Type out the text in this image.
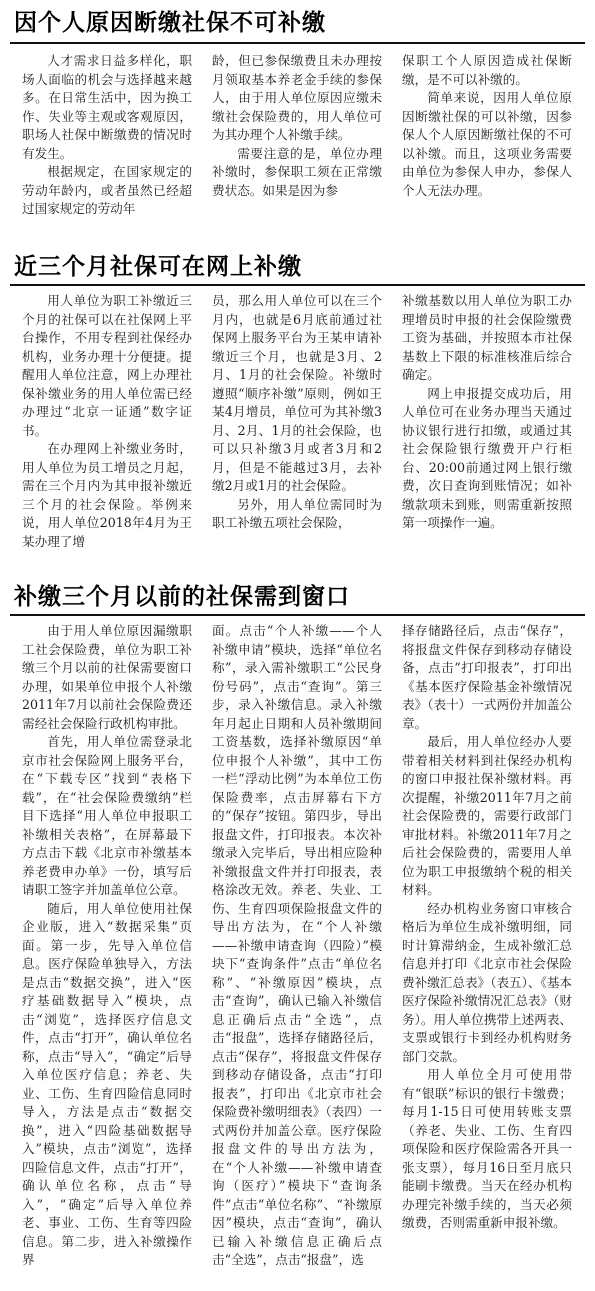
因个人原因断缴社保不可补缴

人才需求日益多样化，职场人面临的机会与选择越来越多。在日常生活中，因为换工作、失业等主观或客观原因，职场人社保中断缴费的情况时有发生。

根据规定，在国家规定的劳动年龄内，或者虽然已经超过国家规定的劳动年

龄，但已参保缴费且未办理按月领取基本养老金手续的参保人，由于用人单位原因应缴未缴社会保险费的，用人单位可为其办理个人补缴手续。

需要注意的是，单位办理补缴时，参保职工须在正常缴费状态。如果是因为参

保职工个人原因造成社保断缴，是不可以补缴的。

简单来说，因用人单位原因断缴社保的可以补缴，因参保人个人原因断缴社保的不可以补缴。而且，这项业务需要由单位为参保人申办，参保人个人无法办理。

近三个月社保可在网上补缴

用人单位为职工补缴近三个月的社保可以在社保网上平台操作，不用专程到社保经办机构，业务办理十分便捷。提醒用人单位注意，网上办理社保补缴业务的用人单位需已经办理过“北京一证通”数字证书。

在办理网上补缴业务时，用人单位为员工增员之月起，需在三个月内为其申报补缴近三个月的社会保险。举例来说，用人单位2018年4月为王某办理了增

员，那么用人单位可以在三个月内，也就是6月底前通过社保网上服务平台为王某申请补缴近三个月，也就是3月、2月、1月的社会保险。补缴时遵照“顺序补缴”原则，例如王某4月增员，单位可为其补缴3月、2月、1月的社会保险，也可以只补缴3月或者3月和2月，但是不能越过3月，去补缴2月或1月的社会保险。

另外，用人单位需同时为职工补缴五项社会保险，

补缴基数以用人单位为职工办理增员时申报的社会保险缴费工资为基础，并按照本市社保基数上下限的标准核准后综合确定。

网上申报提交成功后，用人单位可在业务办理当天通过协议银行进行扣缴，或通过其社会保险银行缴费开户行柜台、20:00前通过网上银行缴费，次日查询到账情况；如补缴款项未到账，则需重新按照第一项操作一遍。

补缴三个月以前的社保需到窗口

由于用人单位原因漏缴职工社会保险费，单位为职工补缴三个月以前的社保需要窗口办理，如果单位申报个人补缴2011年7月以前社会保险费还需经社会保险行政机构审批。

首先，用人单位需登录北京市社会保险网上服务平台，在“下载专区”找到“表格下载”，在“社会保险费缴纳”栏目下选择“用人单位申报职工补缴相关表格”，在屏幕最下方点击下载《北京市补缴基本养老费申办单》一份，填写后请职工签字并加盖单位公章。

随后，用人单位使用社保企业版，进入“数据采集”页面。第一步，先导入单位信息。医疗保险单独导入，方法是点击“数据交换”，进入“医疗基础数据导入”模块，点击“浏览”，选择医疗信息文件，点击“打开”，确认单位名称，点击“导入”，“确定”后导入单位医疗信息；养老、失业、工伤、生育四险信息同时导入，方法是点击“数据交换”，进入“四险基础数据导入”模块，点击“浏览”，选择四险信息文件，点击“打开”，确认单位名称，点击“导入”，“确定”后导入单位养老、事业、工伤、生育等四险信息。第二步，进入补缴操作界

面。点击“个人补缴——个人补缴申请”模块，选择“单位名称”，录入需补缴职工“公民身份号码”，点击“查询”。第三步，录入补缴信息。录入补缴年月起止日期和人员补缴期间工资基数，选择补缴原因“单位申报个人补缴”，其中工伤一栏“浮动比例”为本单位工伤保险费率，点击屏幕右下方的“保存”按钮。第四步，导出报盘文件，打印报表。本次补缴录入完毕后，导出相应险种补缴报盘文件并打印报表，表格涂改无效。养老、失业、工伤、生育四项保险报盘文件的导出方法为，在“个人补缴——补缴申请查询（四险）”模块下“查询条件”点击“单位名称”、“补缴原因”模块，点击“查询”，确认已输入补缴信息正确后点击“全选”，点击“报盘”，选择存储路径后，点击“保存”，将报盘文件保存到移动存储设备，点击“打印报表”，打印出《北京市社会保险费补缴明细表》（表四）一式两份并加盖公章。医疗保险报盘文件的导出方法为，在“个人补缴——补缴申请查询（医疗）”模块下“查询条件”点击“单位名称”、“补缴原因”模块，点击“查询”，确认已输入补缴信息正确后点击“全选”，点击“报盘”，选

择存储路径后，点击“保存”，将报盘文件保存到移动存储设备，点击“打印报表”，打印出《基本医疗保险基金补缴情况表》（表十）一式两份并加盖公章。

最后，用人单位经办人要带着相关材料到社保经办机构的窗口申报社保补缴材料。再次提醒，补缴2011年7月之前社会保险费的，需要行政部门审批材料。补缴2011年7月之后社会保险费的，需要用人单位为职工申报缴纳个税的相关材料。

经办机构业务窗口审核合格后为单位生成补缴明细，同时计算滞纳金，生成补缴汇总信息并打印《北京市社会保险费补缴汇总表》（表五）、《基本医疗保险补缴情况汇总表》（财务）。用人单位携带上述两表、支票或银行卡到经办机构财务部门交款。

用人单位全月可使用带有“银联”标识的银行卡缴费；每月1-15日可使用转账支票（养老、失业、工伤、生育四项保险和医疗保险需各开具一张支票），每月16日至月底只能刷卡缴费。当天在经办机构办理完补缴手续的，当天必须缴费，否则需重新申报补缴。
